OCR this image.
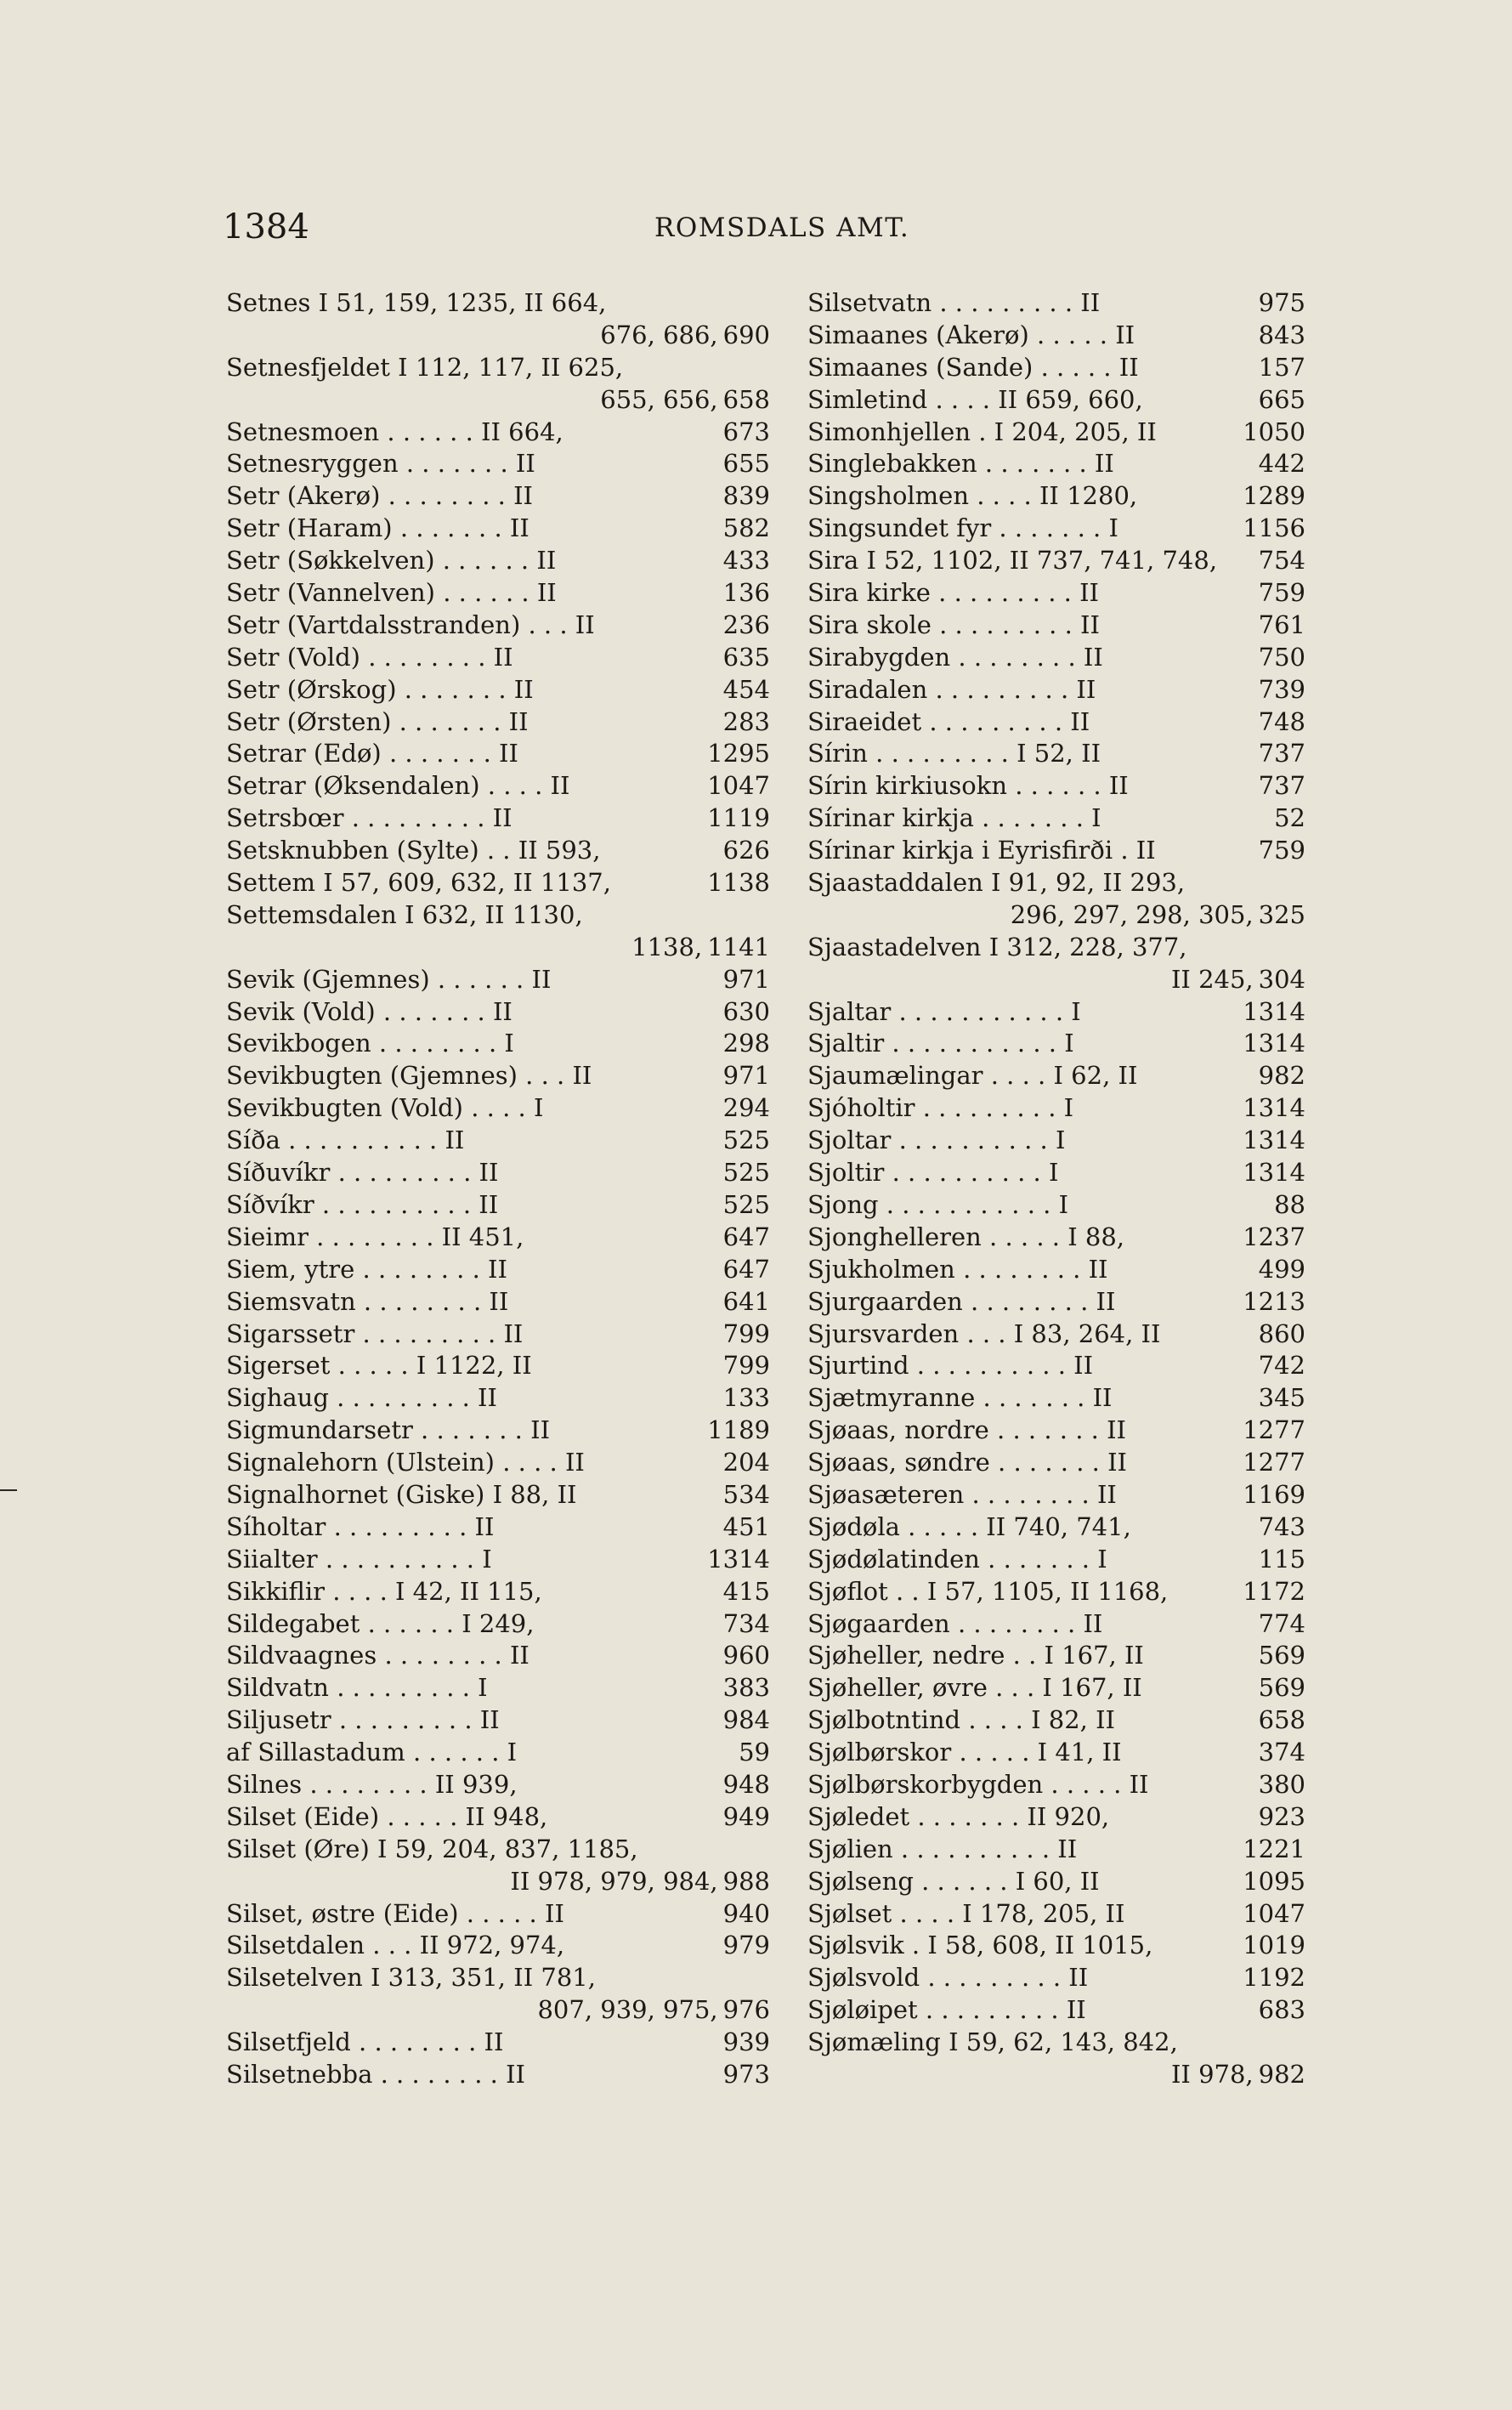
1384	ROMSDALS AMT.
Setnes I 51, 159, 1235, II 664,
676, 686, 690
Setnesfjeldet I 112, 117, II 625,
655, 656, 658
Setnesmoen . . . . . . II 664,	673
Setnesryggen . . . . . . . II	655
Setr (Akerø) . . . . . . . . II	839
Setr (Haram) . . . . . . . II	582
Setr (Søkkelven) . . . . . . II	433
Setr (Vannelven) . . . . . . II	136
Setr (Vartdalsstranden) . . . II	236
Setr (Vold) . . . . . . . . II	635
Setr (Ørskog) . . . . . . . II	454
Setr (Ørsten) . . . . . . . II	283
Setrar (Edø) . . . . . . . II	1295
Setrar (Øksendalen) . . . . II	1047
Setrsbœr . . . . . . . . . II	1119
Setsknubben (Sylte) . . II 593,	626
Settem I 57, 609, 632, II 1137,	1138
Settemsdalen I 632, II 1130,
1138, 1141
Sevik (Gjemnes) . . . . . . II	971
Sevik (Vold) . . . . . . . II	630
Sevikbogen . . . . . . . . I	298
Sevikbugten (Gjemnes) . . . II	971
Sevikbugten (Vold) . . . . I	294
Síða . . . . . . . . . . II	525
Síðuvíkr . . . . . . . . . II	525
Síðvíkr . . . . . . . . . . II	525
Sieimr . . . . . . . . II 451,	647
Siem, ytre . . . . . . . . II	647
Siemsvatn . . . . . . . . II	641
Sigarssetr . . . . . . . . . II	799
Sigerset . . . . . I 1122, II	799
Sighaug . . . . . . . . . II	133
Sigmundarsetr . . . . . . . II	1189
Signalehorn (Ulstein) . . . . II	204
Signalhornet (Giske) I 88, II	534
Síholtar . . . . . . . . . II	451
Siialter . . . . . . . . . . I	1314
Sikkiflir . . . . I 42, II 115,	415
Sildegabet . . . . . . I 249,	734
Sildvaagnes . . . . . . . . II	960
Sildvatn . . . . . . . . . I	383
Siljusetr . . . . . . . . . II	984
af Sillastadum . . . . . . I	59
Silnes . . . . . . . . II 939,	948
Silset (Eide) . . . . . II 948,	949
Silset (Øre) I 59, 204, 837, 1185,
II 978, 979, 984, 988
Silset, østre (Eide) . . . . . II	940
Silsetdalen . . . II 972, 974,	979
Silsetelven I 313, 351, II 781,
807, 939, 975, 976
Silsetfjeld . . . . . . . . II	939
Silsetnebba . . . . . . . . II	973
Silsetvatn . . . . . . . . . II	975
Simaanes (Akerø) . . . . . II	843
Simaanes (Sande) . . . . . II	157
Simletind . . . . II 659, 660,	665
Simonhjellen . I 204, 205, II	1050
Singlebakken . . . . . . . II	442
Singsholmen . . . . II 1280,	1289
Singsundet fyr . . . . . . . I	1156
Sira I 52, 1102, II 737, 741, 748,	754
Sira kirke . . . . . . . . . II	759
Sira skole . . . . . . . . . II	761
Sirabygden . . . . . . . . II	750
Siradalen . . . . . . . . . II	739
Siraeidet . . . . . . . . . II	748
Sírin . . . . . . . . . I 52, II	737
Sírin kirkiusokn . . . . . . II	737
Sírinar kirkja . . . . . . . I	52
Sírinar kirkja i Eyrisfirði . II	759
Sjaastaddalen I 91, 92, II 293,
296, 297, 298, 305, 325
Sjaastadelven I 312, 228, 377,
II 245, 304
Sjaltar . . . . . . . . . . . I	1314
Sjaltir . . . . . . . . . . . I	1314
Sjaumælingar . . . . I 62, II	982
Sjóholtir . . . . . . . . . I	1314
Sjoltar . . . . . . . . . . I	1314
Sjoltir . . . . . . . . . . I	1314
Sjong . . . . . . . . . . . I	88
Sjonghelleren . . . . . I 88,	1237
Sjukholmen . . . . . . . . II	499
Sjurgaarden . . . . . . . . II	1213
Sjursvarden . . . I 83, 264, II	860
Sjurtind . . . . . . . . . . II	742
Sjætmyranne . . . . . . . II	345
Sjøaas, nordre . . . . . . . II	1277
Sjøaas, søndre . . . . . . . II	1277
Sjøasæteren . . . . . . . . II	1169
Sjødøla . . . . . II 740, 741,	743
Sjødølatinden . . . . . . . I	115
Sjøflot . . I 57, 1105, II 1168,	1172
Sjøgaarden . . . . . . . . II	774
Sjøheller, nedre . . I 167, II	569
Sjøheller, øvre . . . I 167, II	569
Sjølbotntind . . . . I 82, II	658
Sjølbørskor . . . . . I 41, II	374
Sjølbørskorbygden . . . . . II	380
Sjøledet . . . . . . . II 920,	923
Sjølien . . . . . . . . . . II	1221
Sjølseng . . . . . . I 60, II	1095
Sjølset . . . . I 178, 205, II	1047
Sjølsvik . I 58, 608, II 1015,	1019
Sjølsvold . . . . . . . . . II	1192
Sjøløipet . . . . . . . . . II	683
Sjømæling I 59, 62, 143, 842,
II 978, 982
